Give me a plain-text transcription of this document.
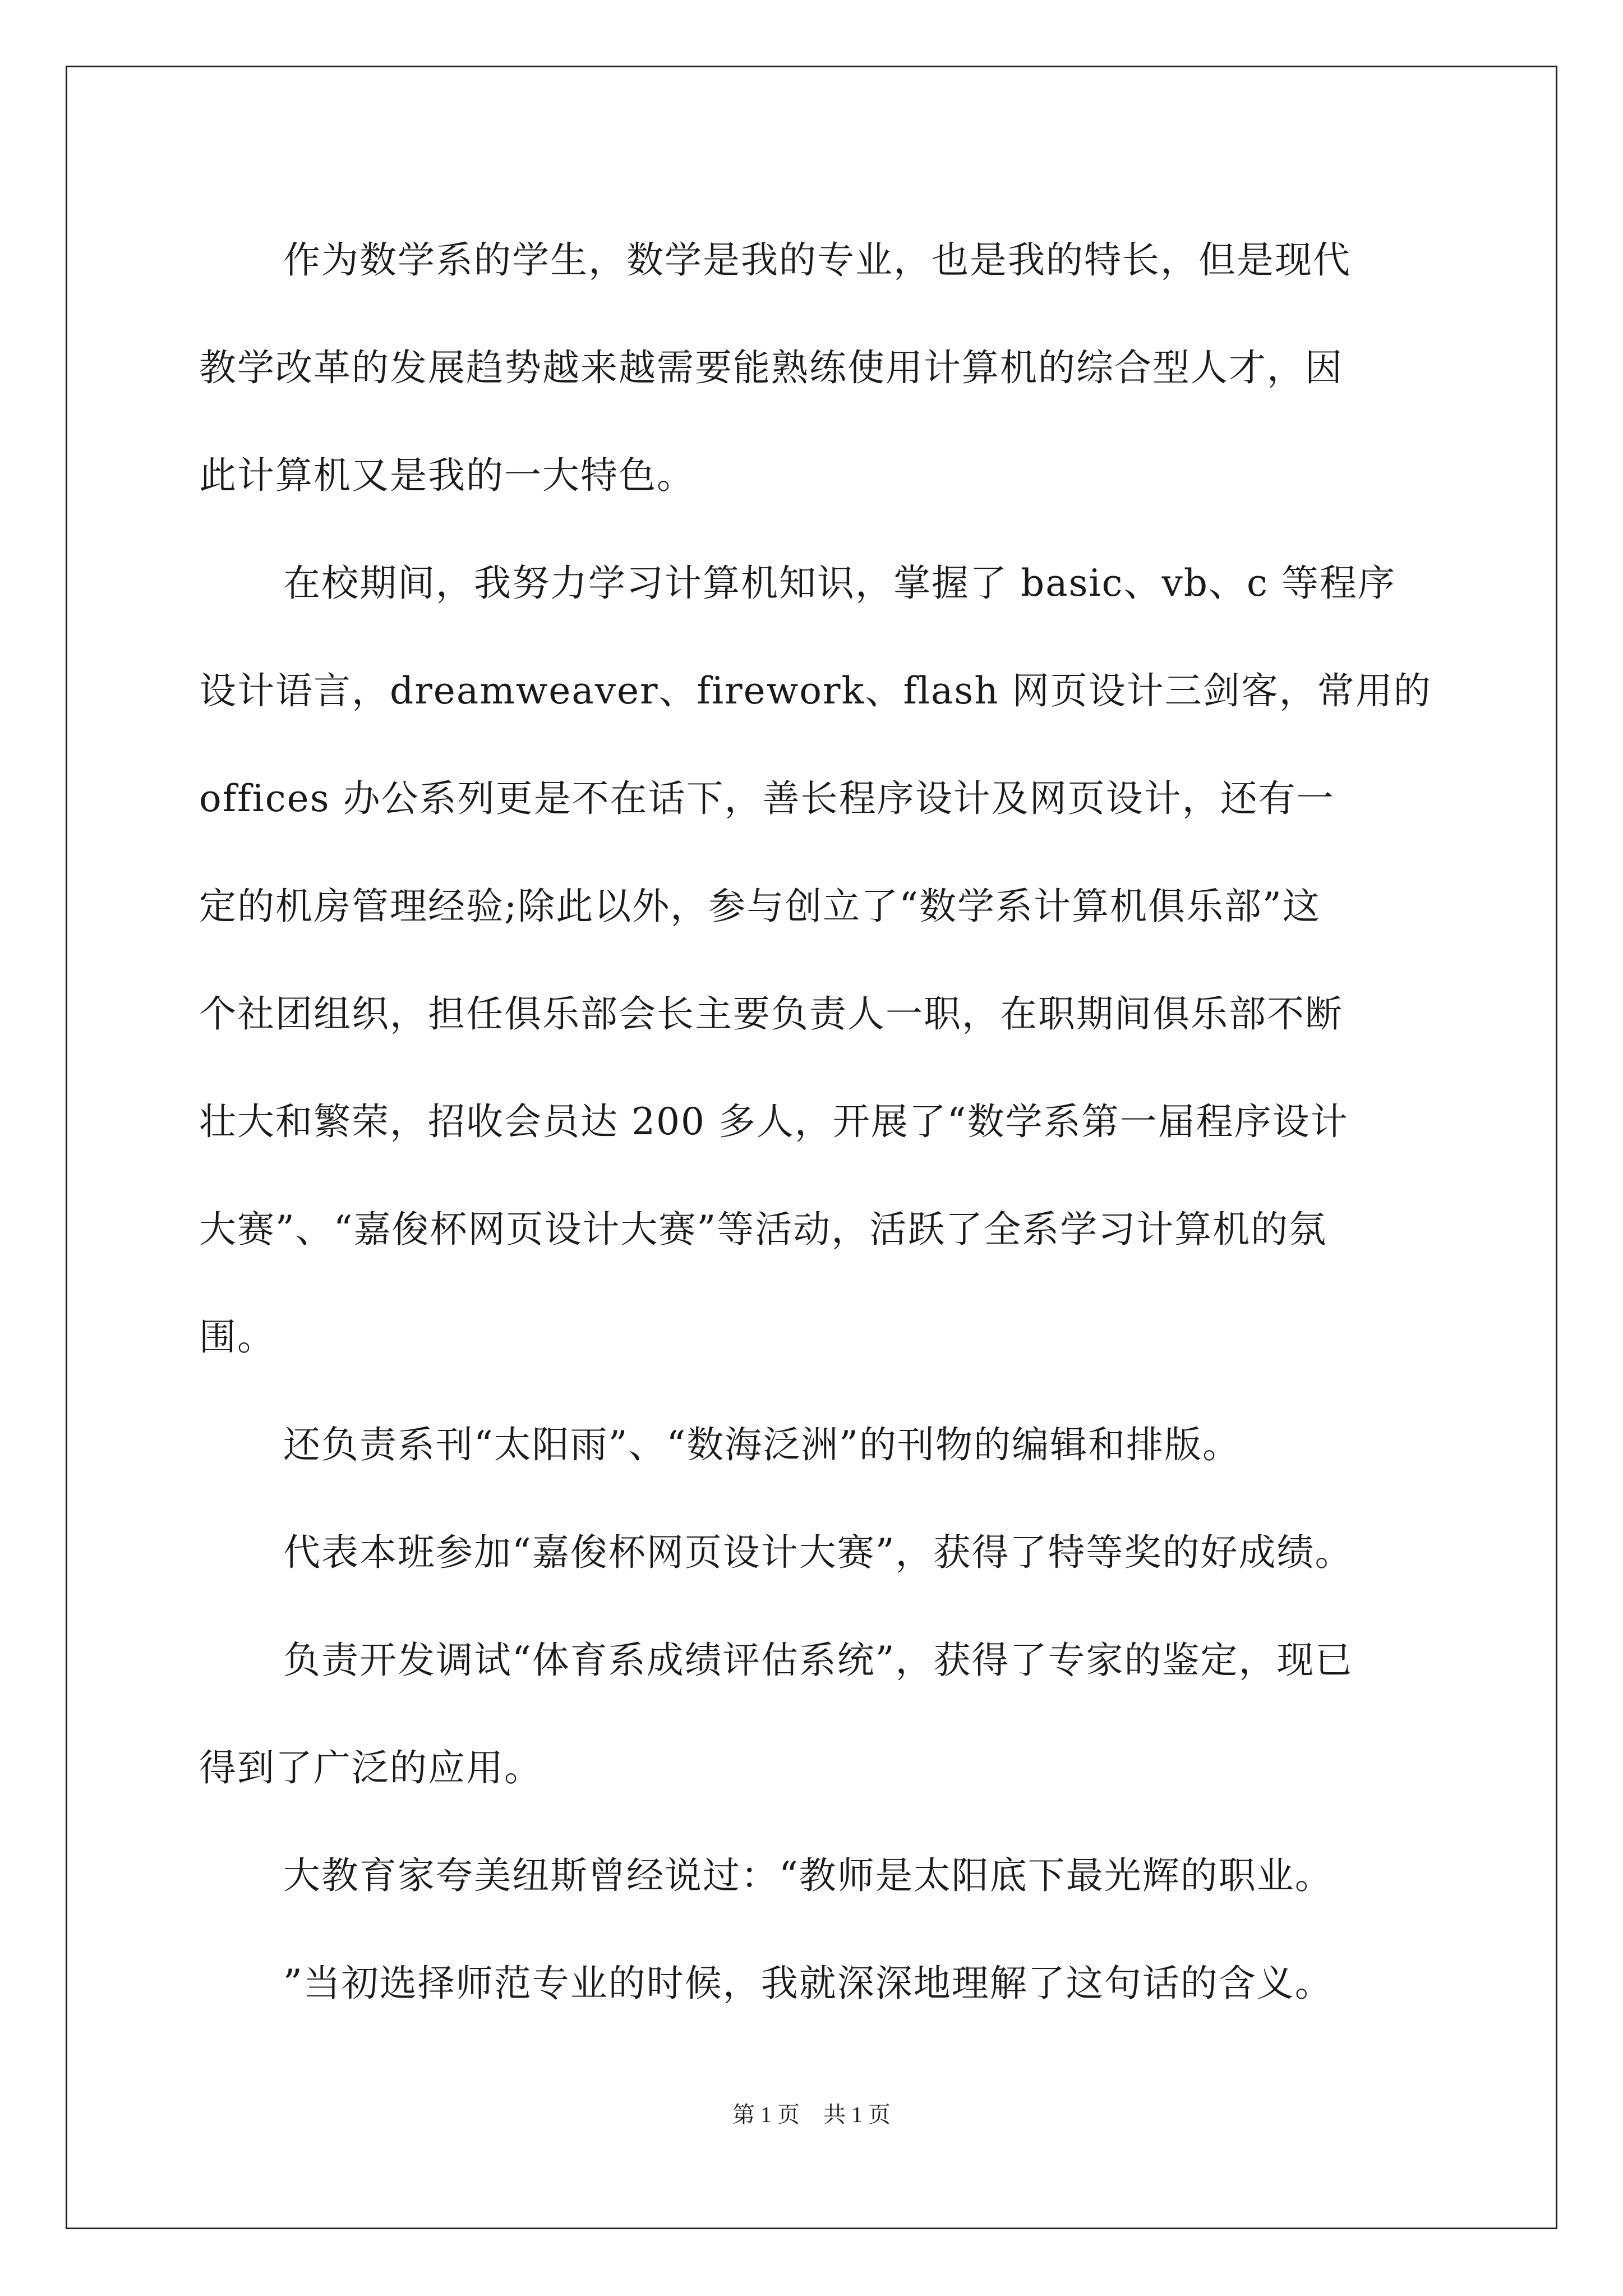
作为数学系的学生，数学是我的专业，也是我的特长，但是现代
教学改革的发展趋势越来越需要能熟练使用计算机的综合型人才，因
此计算机又是我的一大特色。
在校期间，我努力学习计算机知识，掌握了 basic、vb、c 等程序
设计语言，dreamweaver、firework、flash 网页设计三剑客，常用的
offices 办公系列更是不在话下，善长程序设计及网页设计，还有一
定的机房管理经验;除此以外，参与创立了“数学系计算机俱乐部”这
个社团组织，担任俱乐部会长主要负责人一职，在职期间俱乐部不断
壮大和繁荣，招收会员达 200 多人，开展了“数学系第一届程序设计
大赛”、“嘉俊杯网页设计大赛”等活动，活跃了全系学习计算机的氛
围。
还负责系刊“太阳雨”、“数海泛洲”的刊物的编辑和排版。
代表本班参加“嘉俊杯网页设计大赛”，获得了特等奖的好成绩。
负责开发调试“体育系成绩评估系统”，获得了专家的鉴定，现已
得到了广泛的应用。
大教育家夸美纽斯曾经说过：“教师是太阳底下最光辉的职业。
”当初选择师范专业的时候，我就深深地理解了这句话的含义。
第 1 页 共 1 页
